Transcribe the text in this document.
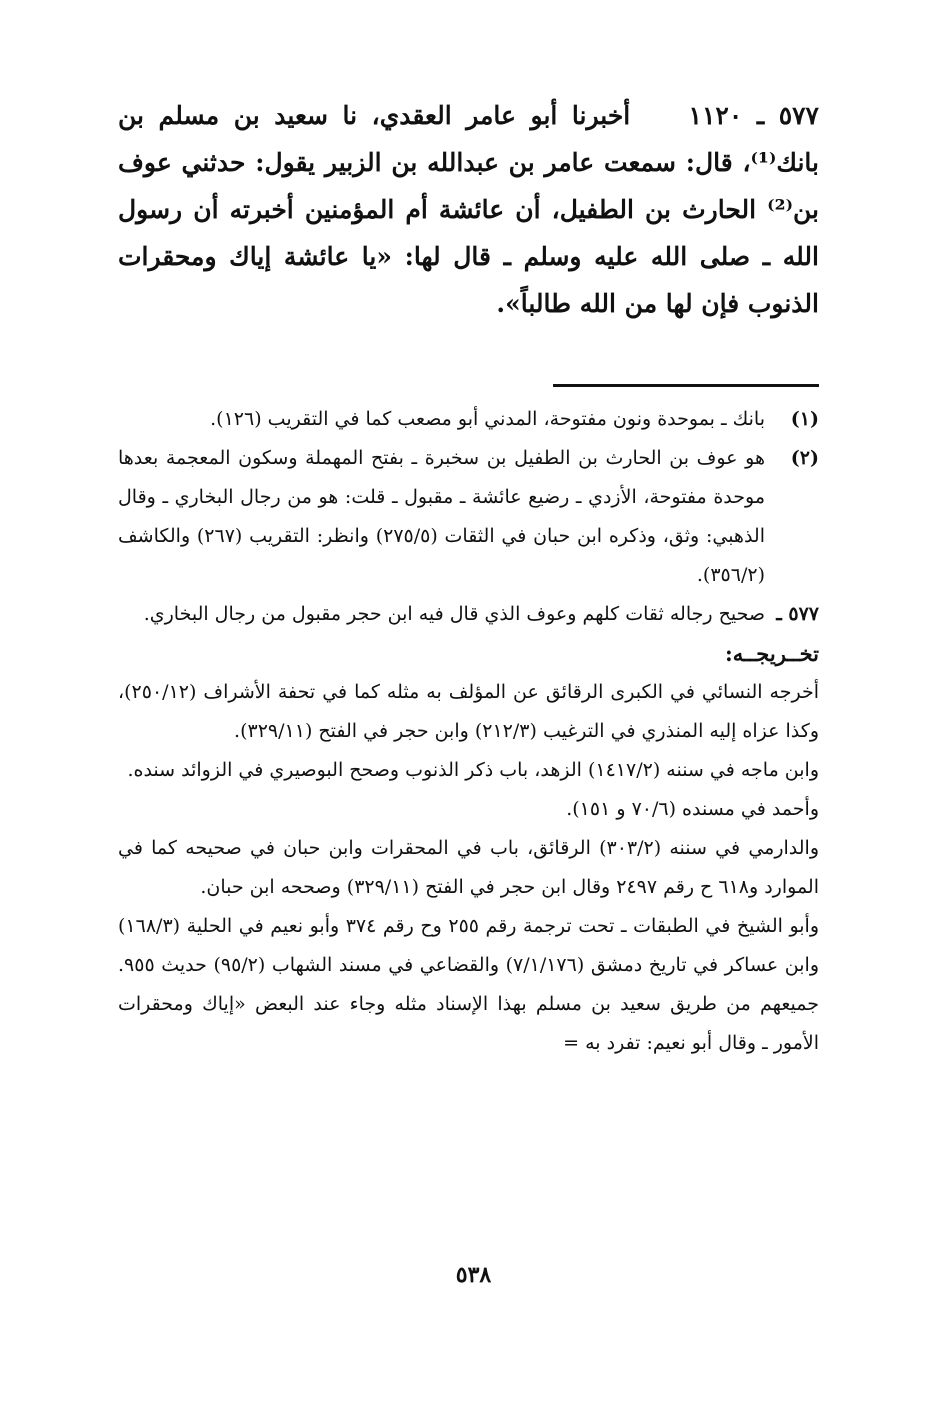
٥٧٧ ـ ١١٢٠    أخبرنا أبو عامر العقدي، نا سعيد بن مسلم بن بانك⁽¹⁾، قال: سمعت عامر بن عبدالله بن الزبير يقول: حدثني عوف بن⁽²⁾ الحارث بن الطفيل، أن عائشة أم المؤمنين أخبرته أن رسول الله ـ صلى الله عليه وسلم ـ قال لها: «يا عائشة إياك ومحقرات الذنوب فإن لها من الله طالباً».

(١)
بانك ـ بموحدة ونون مفتوحة، المدني أبو مصعب كما في التقريب (١٢٦).

(٢)
هو عوف بن الحارث بن الطفيل بن سخبرة ـ بفتح المهملة وسكون المعجمة بعدها موحدة مفتوحة، الأزدي ـ رضيع عائشة ـ مقبول ـ قلت: هو من رجال البخاري ـ وقال الذهبي: وثق، وذكره ابن حبان في الثقات (٢٧٥/٥) وانظر: التقريب (٢٦٧) والكاشف (٣٥٦/٢).

٥٧٧ ـ
صحيح رجاله ثقات كلهم وعوف الذي قال فيه ابن حجر مقبول من رجال البخاري.

تخــريجــه:

أخرجه النسائي في الكبرى الرقائق عن المؤلف به مثله كما في تحفة الأشراف (٢٥٠/١٢)، وكذا عزاه إليه المنذري في الترغيب (٢١٢/٣) وابن حجر في الفتح (٣٢٩/١١).

وابن ماجه في سننه (١٤١٧/٢) الزهد، باب ذكر الذنوب وصحح البوصيري في الزوائد سنده.

وأحمد في مسنده (٧٠/٦ و ١٥١).

والدارمي في سننه (٣٠٣/٢) الرقائق، باب في المحقرات وابن حبان في صحيحه كما في الموارد و٦١٨ ح رقم ٢٤٩٧ وقال ابن حجر في الفتح (٣٢٩/١١) وصححه ابن حبان.

وأبو الشيخ في الطبقات ـ تحت ترجمة رقم ٢٥٥ وح رقم ٣٧٤ وأبو نعيم في الحلية (١٦٨/٣) وابن عساكر في تاريخ دمشق (٧/١/١٧٦) والقضاعي في مسند الشهاب (٩٥/٢) حديث ٩٥٥. جميعهم من طريق سعيد بن مسلم بهذا الإسناد مثله وجاء عند البعض «إياك ومحقرات الأمور ـ وقال أبو نعيم: تفرد به =

٥٣٨
